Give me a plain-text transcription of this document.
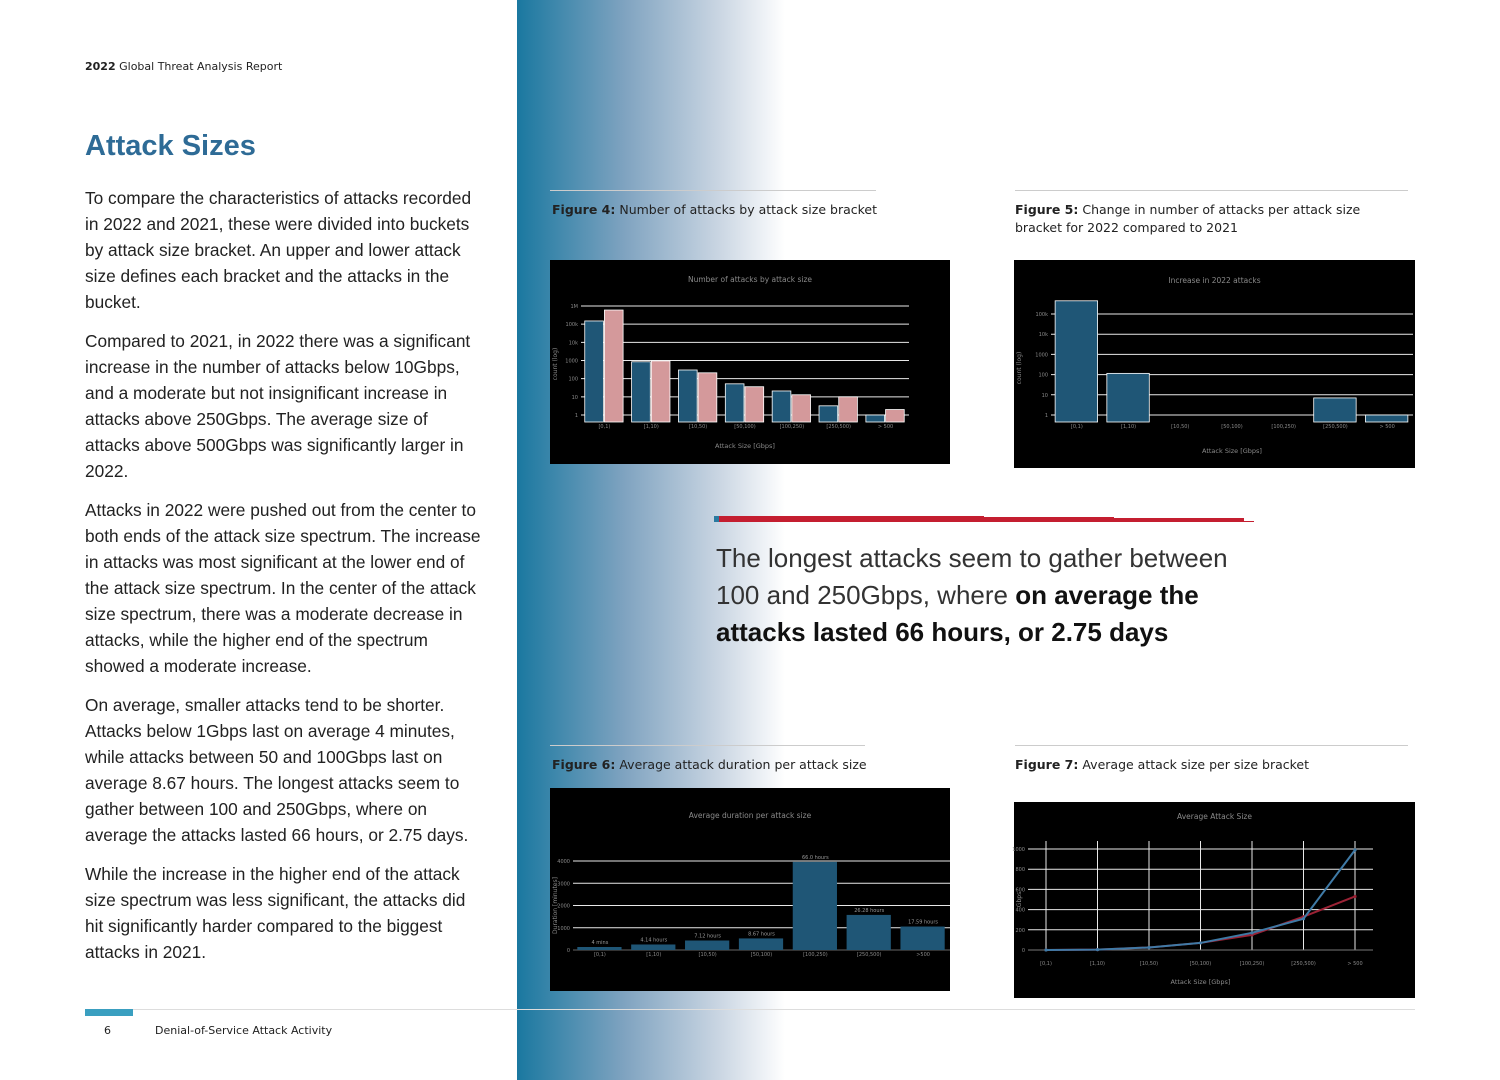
2022 Global Threat Analysis Report
Attack Sizes

To compare the characteristics of attacks recorded in 2022 and 2021, these were divided into buckets by attack size bracket. An upper and lower attack size defines each bracket and the attacks in the bucket.

Compared to 2021, in 2022 there was a significant increase in the number of attacks below 10Gbps, and a moderate but not insignificant increase in attacks above 250Gbps. The average size of attacks above 500Gbps was significantly larger in 2022.

Attacks in 2022 were pushed out from the center to both ends of the attack size spectrum. The increase in attacks was most significant at the lower end of the attack size spectrum. In the center of the attack size spectrum, there was a moderate decrease in attacks, while the higher end of the spectrum showed a moderate increase.

On average, smaller attacks tend to be shorter. Attacks below 1Gbps last on average 4 minutes, while attacks between 50 and 100Gbps last on average 8.67 hours. The longest attacks seem to gather between 100 and 250Gbps, where on average the attacks lasted 66 hours, or 2.75 days.

While the increase in the higher end of the attack size spectrum was less significant, the attacks did hit significantly harder compared to the biggest attacks in 2021.

Figure 4: Number of attacks by attack size bracket	Figure 5: Change in number of attacks per attack size bracket for 2022 compared to 2021
Figure 6: Average attack duration per attack size	Figure 7: Average attack size per size bracket
Number of attacks by attack size
Attack Size [Gbps]
count (log)
1
10
100
1000
10k
100k
1M
[0,1)	[1,10)	[10,50)	[50,100)	[100,250)	[250,500)	> 500
Increase in 2022 attacks
Attack Size [Gbps]
count (log)
1
10
100
1000
10k
100k
[0,1)	[1,10)	[10,50)	[50,100)	[100,250)	[250,500)	> 500
Average duration per attack size
Duration [minutes]
0
1000
2000
3000
4000
[0,1)
4 mins
[1,10)
4.14 hours
[10,50)
7.12 hours
[50,100)
8.67 hours
[100,250)
66.0 hours
[250,500)
26.28 hours
>500
17.59 hours
Average Attack Size
Attack Size [Gbps]
Gbps
0
200
400
600
800
1000
[0,1)	[1,10)	[10,50)	[50,100)	[100,250)	[250,500)	> 500
The longest attacks seem to gather between 100 and 250Gbps, where on average the attacks lasted 66 hours, or 2.75 days
6	Denial-of-Service Attack Activity
